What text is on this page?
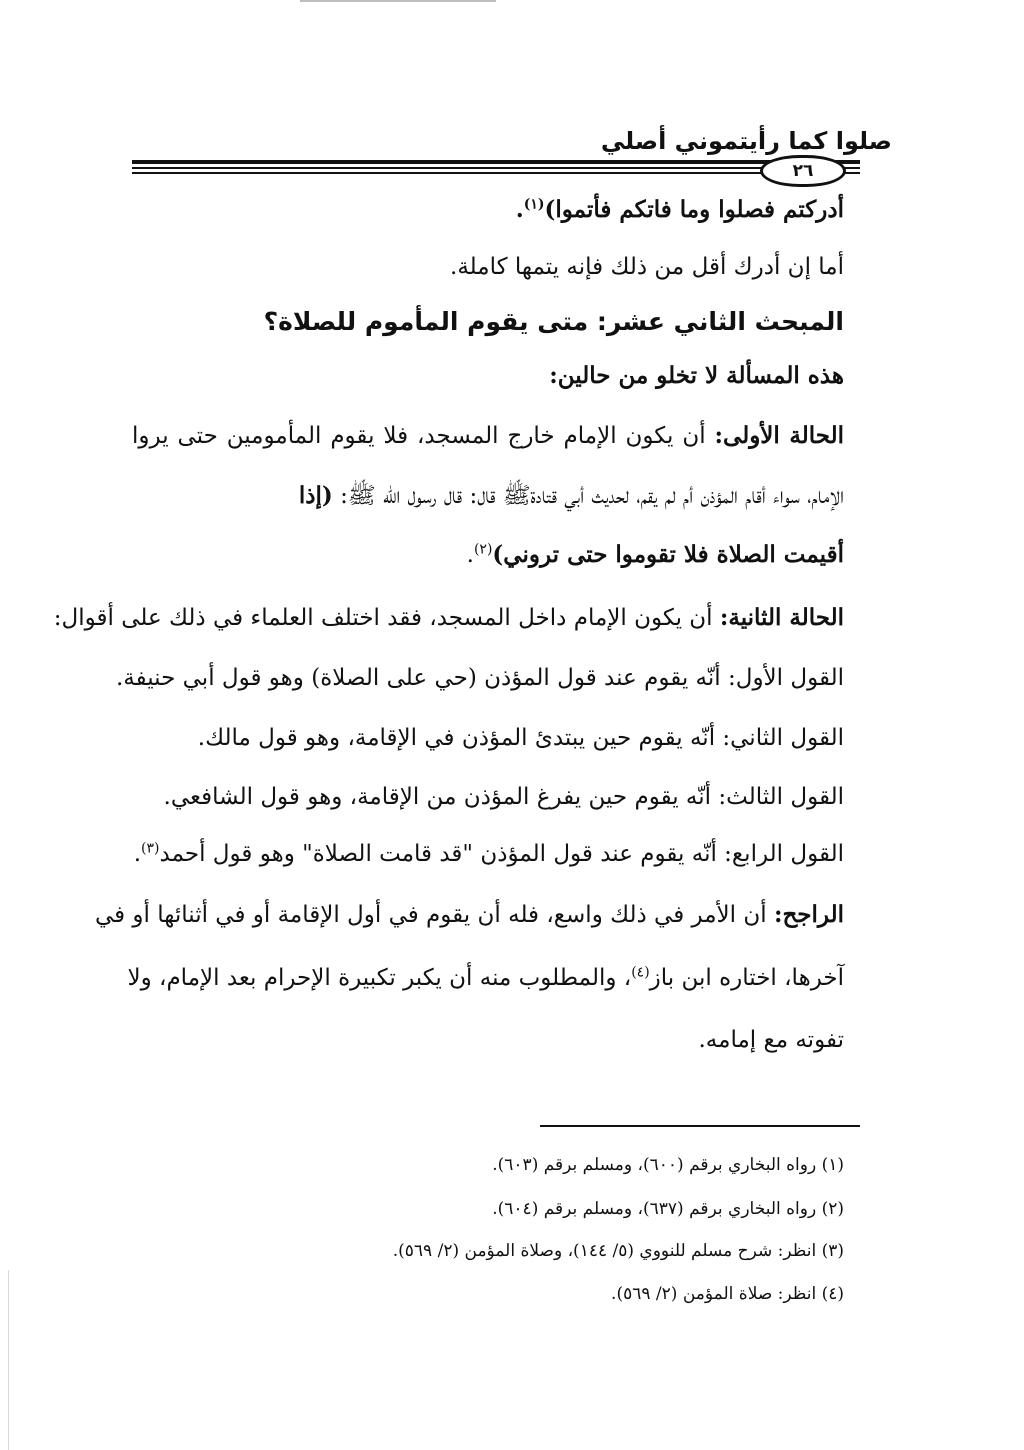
صلوا كما رأيتموني أصلي
٢٦
أدركتم فصلوا وما فاتكم فأتموا)$^{(١)}$.
أما إن أدرك أقل من ذلك فإنه يتمها كاملة.
المبحث الثاني عشر: متى يقوم المأموم للصلاة؟
هذه المسألة لا تخلو من حالين:
الحالة الأولى: أن يكون الإمام خارج المسجد، فلا يقوم المأمومين حتى يروا
الإمام، سواء أقام المؤذن أم لم يقم، لحديث أبي قتادةﷺ قال: قال رسول الله ﷺ: (إذا
أقيمت الصلاة فلا تقوموا حتى تروني)$^{(٢)}$.
الحالة الثانية: أن يكون الإمام داخل المسجد، فقد اختلف العلماء في ذلك على أقوال:
القول الأول: أنّه يقوم عند قول المؤذن (حي على الصلاة) وهو قول أبي حنيفة.
القول الثاني: أنّه يقوم حين يبتدئ المؤذن في الإقامة، وهو قول مالك.
القول الثالث: أنّه يقوم حين يفرغ المؤذن من الإقامة، وهو قول الشافعي.
القول الرابع: أنّه يقوم عند قول المؤذن "قد قامت الصلاة" وهو قول أحمد$^{(٣)}$.
الراجح: أن الأمر في ذلك واسع، فله أن يقوم في أول الإقامة أو في أثنائها أو في
آخرها، اختاره ابن باز$^{(٤)}$، والمطلوب منه أن يكبر تكبيرة الإحرام بعد الإمام، ولا
تفوته مع إمامه.
(١) رواه البخاري برقم (٦٠٠)، ومسلم برقم (٦٠٣).
(٢) رواه البخاري برقم (٦٣٧)، ومسلم برقم (٦٠٤).
(٣) انظر: شرح مسلم للنووي (٥/ ١٤٤)، وصلاة المؤمن (٢/ ٥٦٩).
(٤) انظر: صلاة المؤمن (٢/ ٥٦٩).
